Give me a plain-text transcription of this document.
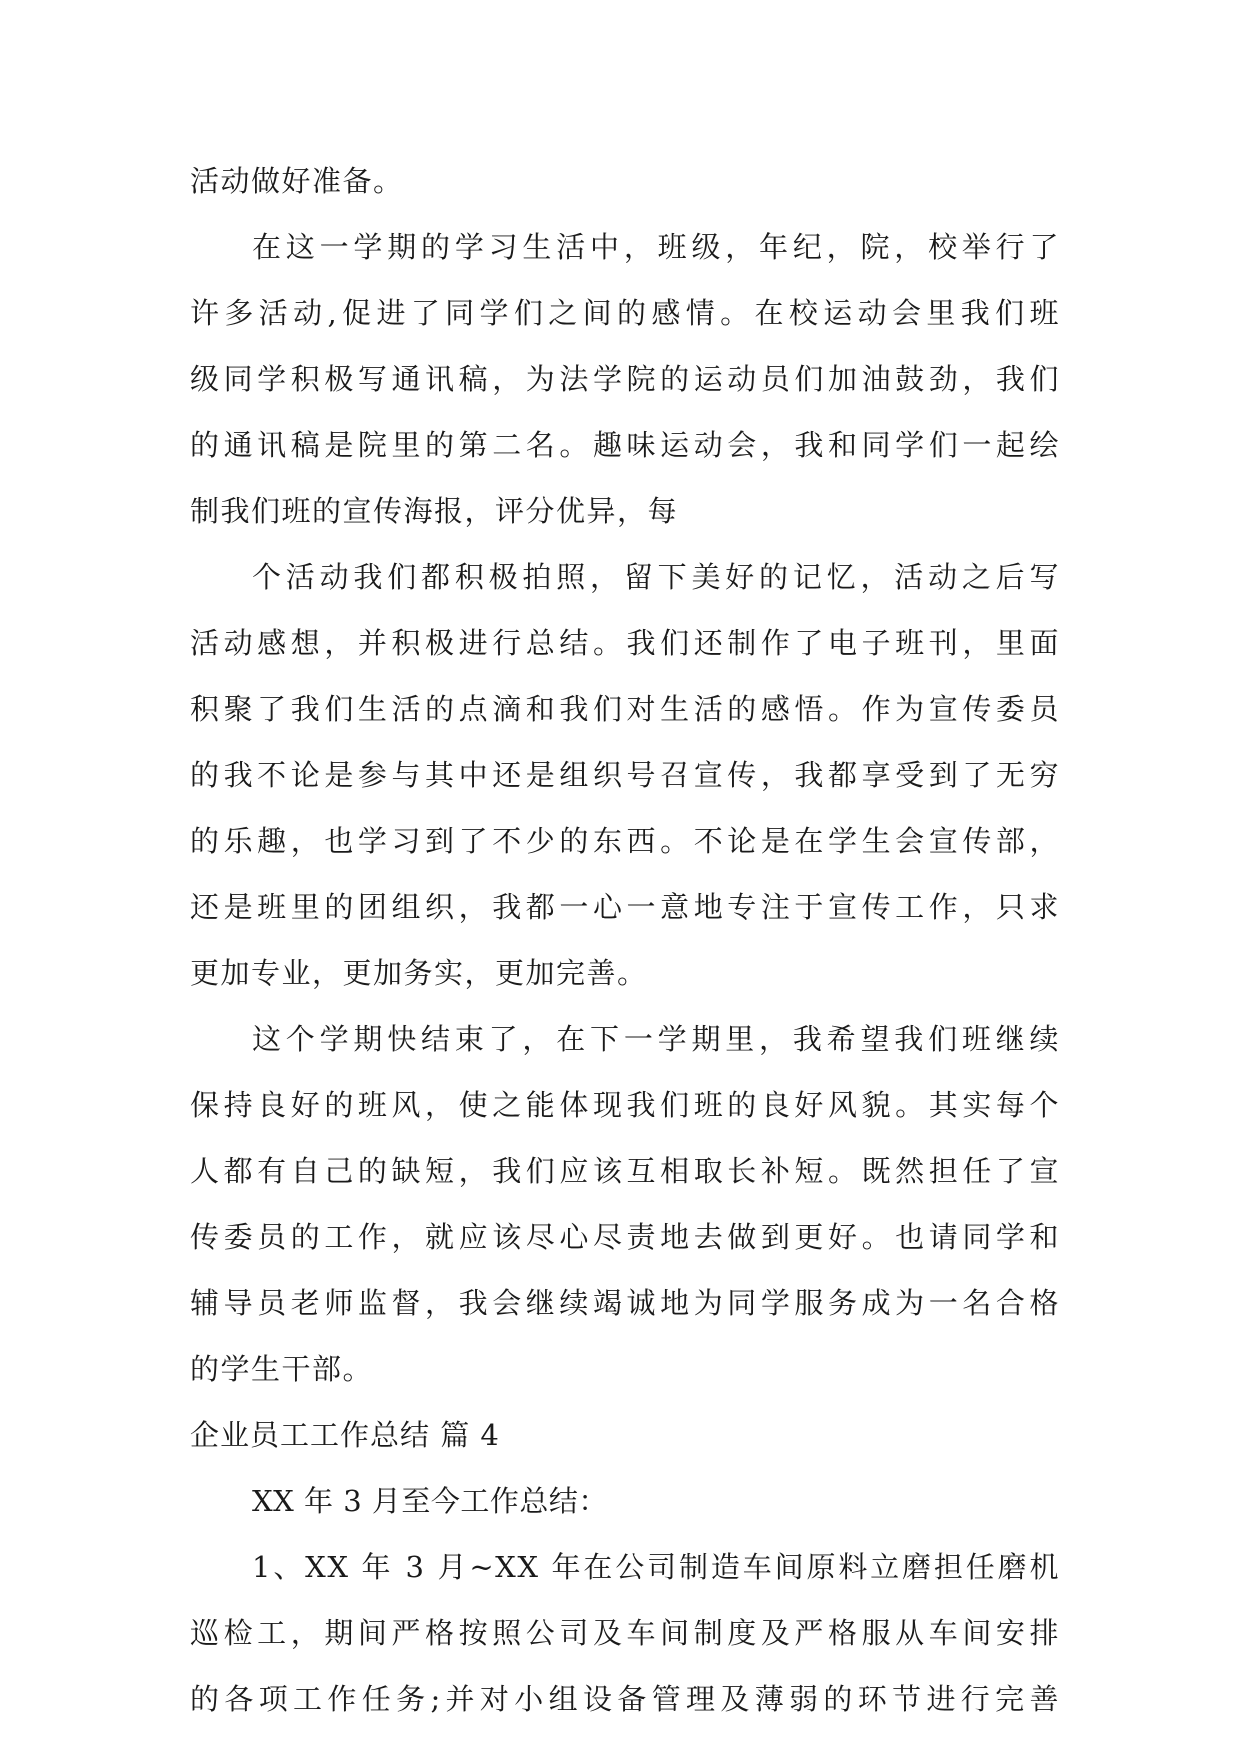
活动做好准备。
在这一学期的学习生活中，班级，年纪，院，校举行了
许多活动,促进了同学们之间的感情。在校运动会里我们班
级同学积极写通讯稿，为法学院的运动员们加油鼓劲，我们
的通讯稿是院里的第二名。趣味运动会，我和同学们一起绘
制我们班的宣传海报，评分优异，每
个活动我们都积极拍照，留下美好的记忆，活动之后写
活动感想，并积极进行总结。我们还制作了电子班刊，里面
积聚了我们生活的点滴和我们对生活的感悟。作为宣传委员
的我不论是参与其中还是组织号召宣传，我都享受到了无穷
的乐趣，也学习到了不少的东西。不论是在学生会宣传部，
还是班里的团组织，我都一心一意地专注于宣传工作，只求
更加专业，更加务实，更加完善。
这个学期快结束了，在下一学期里，我希望我们班继续
保持良好的班风，使之能体现我们班的良好风貌。其实每个
人都有自己的缺短，我们应该互相取长补短。既然担任了宣
传委员的工作，就应该尽心尽责地去做到更好。也请同学和
辅导员老师监督，我会继续竭诚地为同学服务成为一名合格
的学生干部。
企业员工工作总结 篇 4
XX 年 3 月至今工作总结：
1、XX 年 3 月~XX 年在公司制造车间原料立磨担任磨机
巡检工，期间严格按照公司及车间制度及严格服从车间安排
的各项工作任务;并对小组设备管理及薄弱的环节进行完善
